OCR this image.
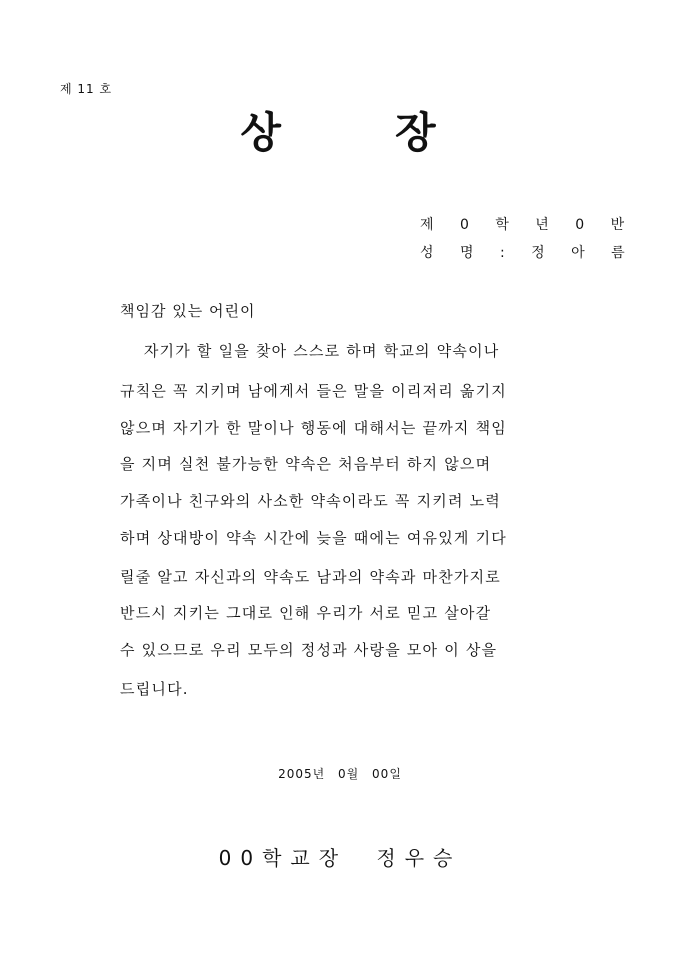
제 11 호
상	장
제 0 학 년 0 반
성 명 : 정 아 름
책임감 있는 어린이
자기가 할 일을 찾아 스스로 하며 학교의 약속이나
규칙은 꼭 지키며 남에게서 들은 말을 이리저리 옮기지
않으며 자기가 한 말이나 행동에 대해서는 끝까지 책임
을 지며 실천 불가능한 약속은 처음부터 하지 않으며
가족이나 친구와의 사소한 약속이라도 꼭 지키려 노력
하며 상대방이 약속 시간에 늦을 때에는 여유있게 기다
릴줄 알고 자신과의 약속도 남과의 약속과 마찬가지로
반드시 지키는 그대로 인해 우리가 서로 믿고 살아갈
수 있으므로 우리 모두의 정성과 사랑을 모아 이 상을
드립니다.
2005년 0월 00일
00학교장 정우승
